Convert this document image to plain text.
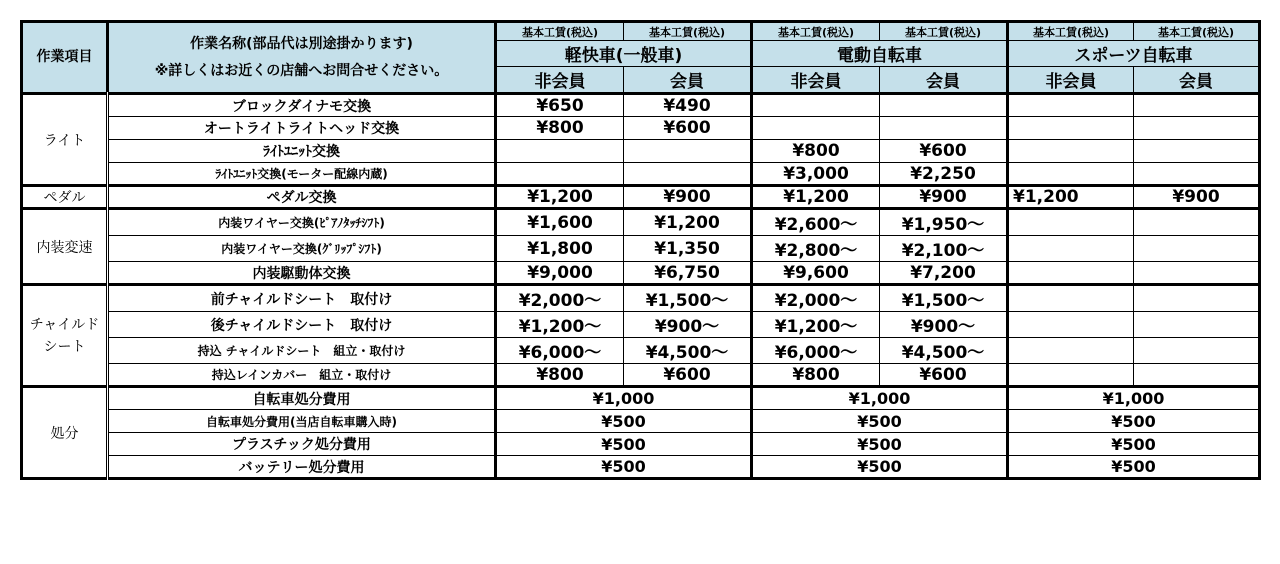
作業項目	作業名称(部品代は別途掛かります)
※詳しくはお近くの店舗へお問合せください。	基本工賃(税込)	基本工賃(税込)	基本工賃(税込)	基本工賃(税込)	基本工賃(税込)	基本工賃(税込)
		軽快車(一般車)		電動自転車		スポーツ自転車	
		非会員	会員	非会員	会員	非会員	会員
ライト	ブロックダイナモ交換	¥650	¥490				
	オートライトライトヘッド交換	¥800	¥600				
	ﾗｲﾄﾕﾆｯﾄ交換			¥800	¥600		
	ﾗｲﾄﾕﾆｯﾄ交換(モーター配線内蔵)			¥3,000	¥2,250		
ペダル	ペダル交換	¥1,200	¥900	¥1,200	¥900	¥1,200	¥900
内装変速	内装ワイヤー交換(ﾋﾟｱﾉﾀｯﾁｼﾌﾄ)	¥1,600	¥1,200	¥2,600～	¥1,950～		
	内装ワイヤー交換(ｸﾞﾘｯﾌﾟｼﾌﾄ)	¥1,800	¥1,350	¥2,800～	¥2,100～		
	内装駆動体交換	¥9,000	¥6,750	¥9,600	¥7,200		
チャイルドシート	前チャイルドシート　取付け	¥2,000～	¥1,500～	¥2,000～	¥1,500～		
	後チャイルドシート　取付け	¥1,200～	¥900～	¥1,200～	¥900～		
	持込 チャイルドシート　組立・取付け	¥6,000～	¥4,500～	¥6,000～	¥4,500～		
	持込レインカバー　組立・取付け	¥800	¥600	¥800	¥600		
処分	自転車処分費用	¥1,000		¥1,000		¥1,000	
	自転車処分費用(当店自転車購入時)	¥500		¥500		¥500	
	プラスチック処分費用	¥500		¥500		¥500	
	バッテリー処分費用	¥500		¥500		¥500	
